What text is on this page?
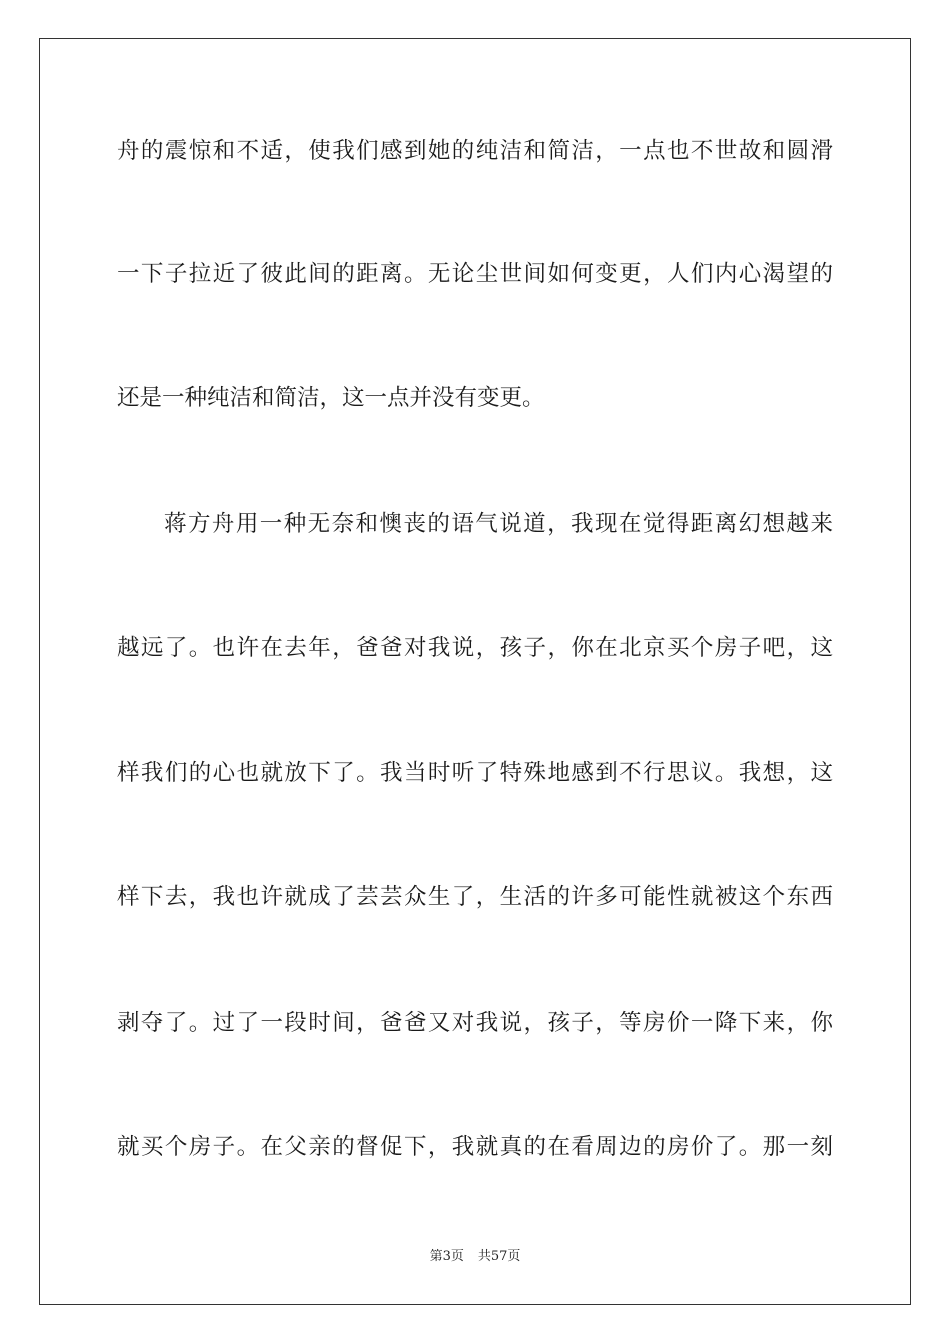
舟的震惊和不适，使我们感到她的纯洁和简洁，一点也不世故和圆滑
一下子拉近了彼此间的距离。无论尘世间如何变更，人们内心渴望的
还是一种纯洁和简洁，这一点并没有变更。
蒋方舟用一种无奈和懊丧的语气说道，我现在觉得距离幻想越来
越远了。也许在去年，爸爸对我说，孩子，你在北京买个房子吧，这
样我们的心也就放下了。我当时听了特殊地感到不行思议。我想，这
样下去，我也许就成了芸芸众生了，生活的许多可能性就被这个东西
剥夺了。过了一段时间，爸爸又对我说，孩子，等房价一降下来，你
就买个房子。在父亲的督促下，我就真的在看周边的房价了。那一刻
第3页 共57页
